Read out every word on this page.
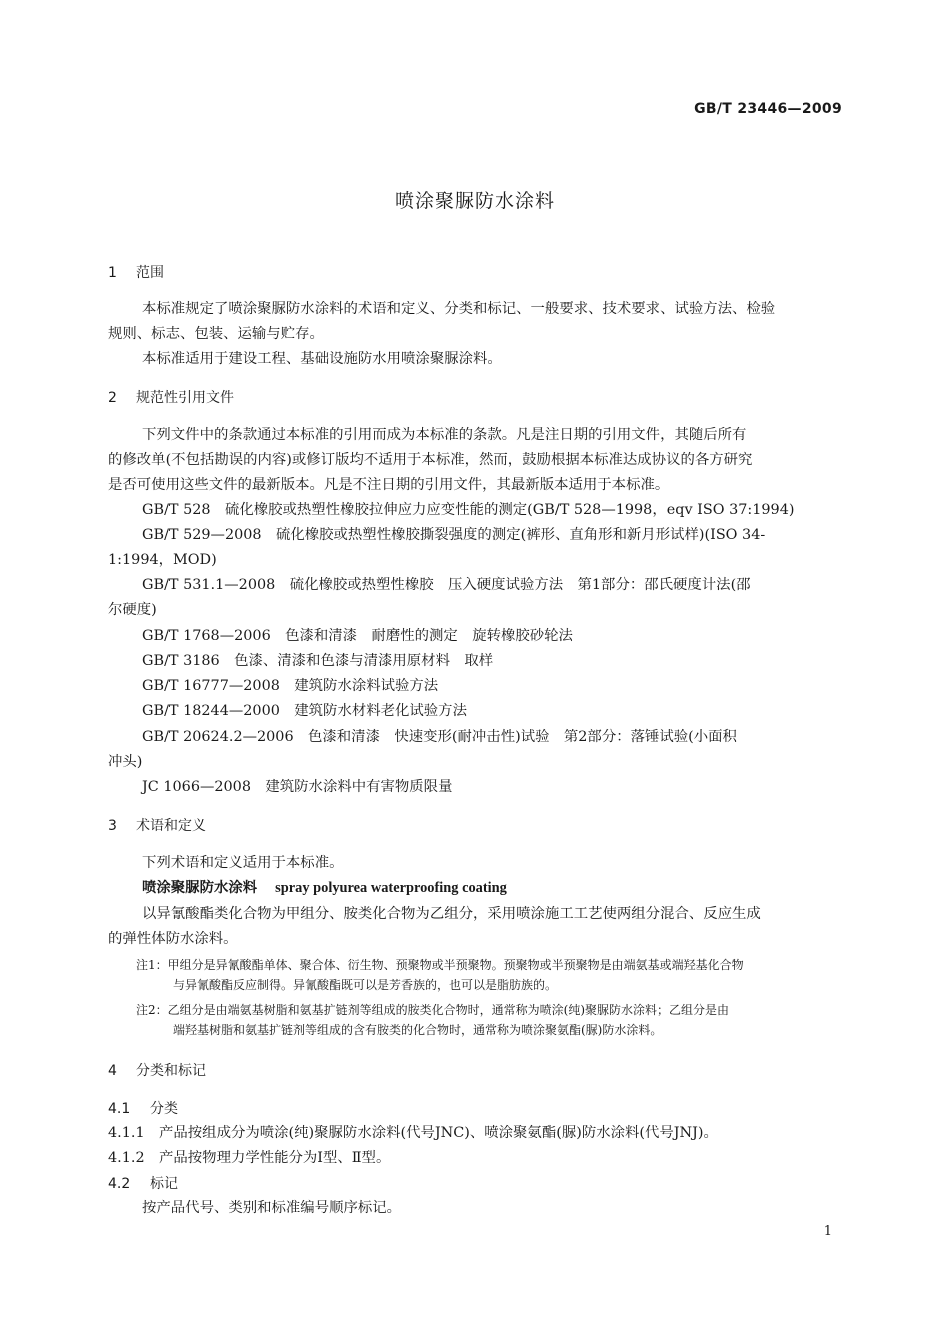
GB/T 23446—2009
喷涂聚脲防水涂料
1 范围
本标准规定了喷涂聚脲防水涂料的术语和定义、分类和标记、一般要求、技术要求、试验方法、检验
规则、标志、包装、运输与贮存。
本标准适用于建设工程、基础设施防水用喷涂聚脲涂料。
2 规范性引用文件
下列文件中的条款通过本标准的引用而成为本标准的条款。凡是注日期的引用文件，其随后所有
的修改单(不包括勘误的内容)或修订版均不适用于本标准，然而，鼓励根据本标准达成协议的各方研究
是否可使用这些文件的最新版本。凡是不注日期的引用文件，其最新版本适用于本标准。
GB/T 528　硫化橡胶或热塑性橡胶拉伸应力应变性能的测定(GB/T 528—1998，eqv ISO 37:1994)
GB/T 529—2008　硫化橡胶或热塑性橡胶撕裂强度的测定(裤形、直角形和新月形试样)(ISO 34-
1:1994，MOD)
GB/T 531.1—2008　硫化橡胶或热塑性橡胶　压入硬度试验方法　第1部分：邵氏硬度计法(邵
尔硬度)
GB/T 1768—2006　色漆和清漆　耐磨性的测定　旋转橡胶砂轮法
GB/T 3186　色漆、清漆和色漆与清漆用原材料　取样
GB/T 16777—2008　建筑防水涂料试验方法
GB/T 18244—2000　建筑防水材料老化试验方法
GB/T 20624.2—2006　色漆和清漆　快速变形(耐冲击性)试验　第2部分：落锤试验(小面积
冲头)
JC 1066—2008　建筑防水涂料中有害物质限量
3 术语和定义
下列术语和定义适用于本标准。
喷涂聚脲防水涂料 spray polyurea waterproofing coating
以异氰酸酯类化合物为甲组分、胺类化合物为乙组分，采用喷涂施工工艺使两组分混合、反应生成
的弹性体防水涂料。
注1：甲组分是异氰酸酯单体、聚合体、衍生物、预聚物或半预聚物。预聚物或半预聚物是由端氨基或端羟基化合物
与异氰酸酯反应制得。异氰酸酯既可以是芳香族的，也可以是脂肪族的。
注2：乙组分是由端氨基树脂和氨基扩链剂等组成的胺类化合物时，通常称为喷涂(纯)聚脲防水涂料；乙组分是由
端羟基树脂和氨基扩链剂等组成的含有胺类的化合物时，通常称为喷涂聚氨酯(脲)防水涂料。
4 分类和标记
4.1 分类
4.1.1　产品按组成分为喷涂(纯)聚脲防水涂料(代号JNC)、喷涂聚氨酯(脲)防水涂料(代号JNJ)。
4.1.2　产品按物理力学性能分为Ⅰ型、Ⅱ型。
4.2 标记
按产品代号、类别和标准编号顺序标记。
1
